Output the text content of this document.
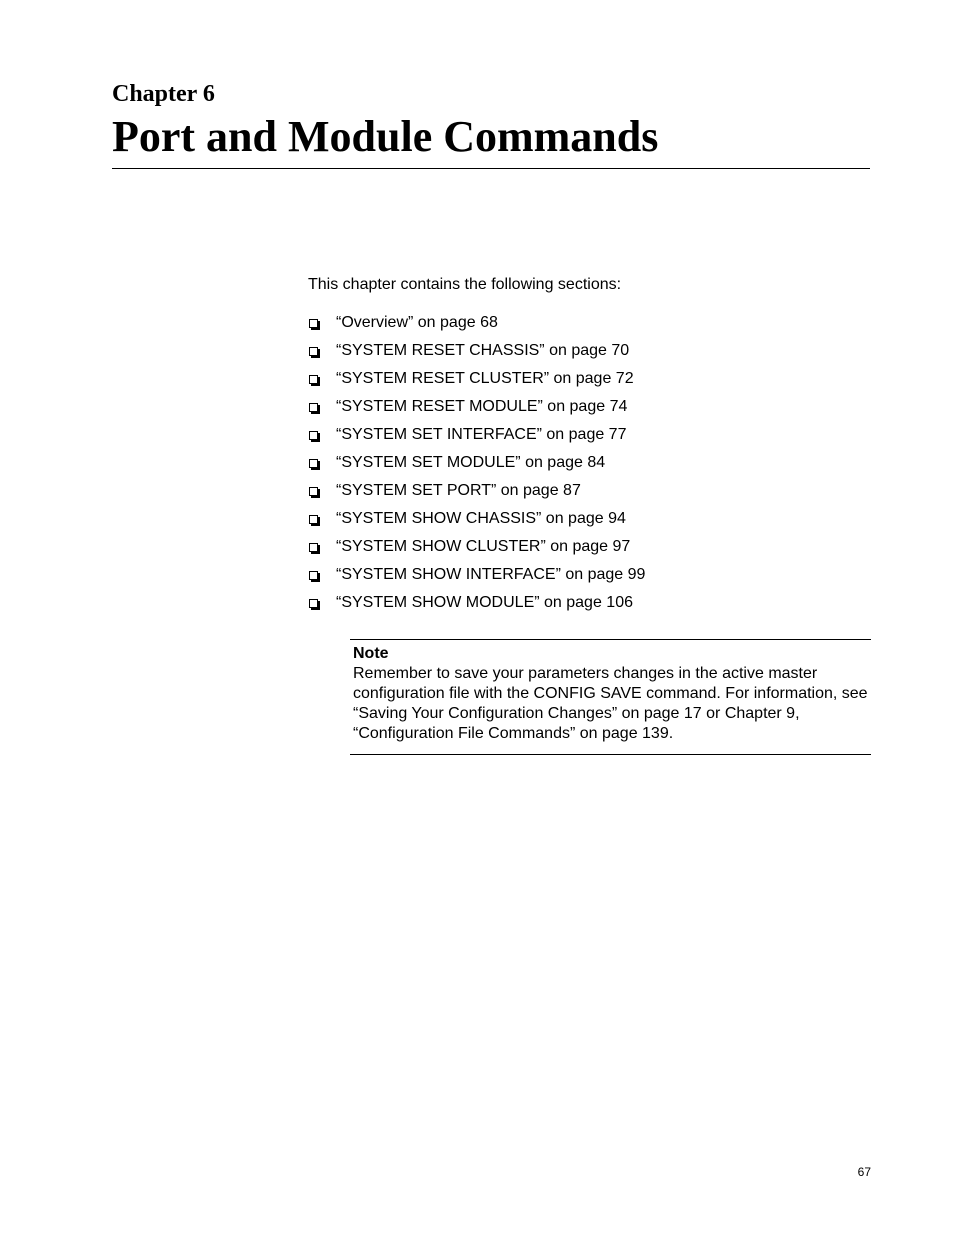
Chapter 6
Port and Module Commands

This chapter contains the following sections:

“Overview” on page 68
“SYSTEM RESET CHASSIS” on page 70
“SYSTEM RESET CLUSTER” on page 72
“SYSTEM RESET MODULE” on page 74
“SYSTEM SET INTERFACE” on page 77
“SYSTEM SET MODULE” on page 84
“SYSTEM SET PORT” on page 87
“SYSTEM SHOW CHASSIS” on page 94
“SYSTEM SHOW CLUSTER” on page 97
“SYSTEM SHOW INTERFACE” on page 99
“SYSTEM SHOW MODULE” on page 106

Note

Remember to save your parameters changes in the active master configuration file with the CONFIG SAVE command. For information, see “Saving Your Configuration Changes” on page 17 or Chapter 9, “Configuration File Commands” on page 139.

67
